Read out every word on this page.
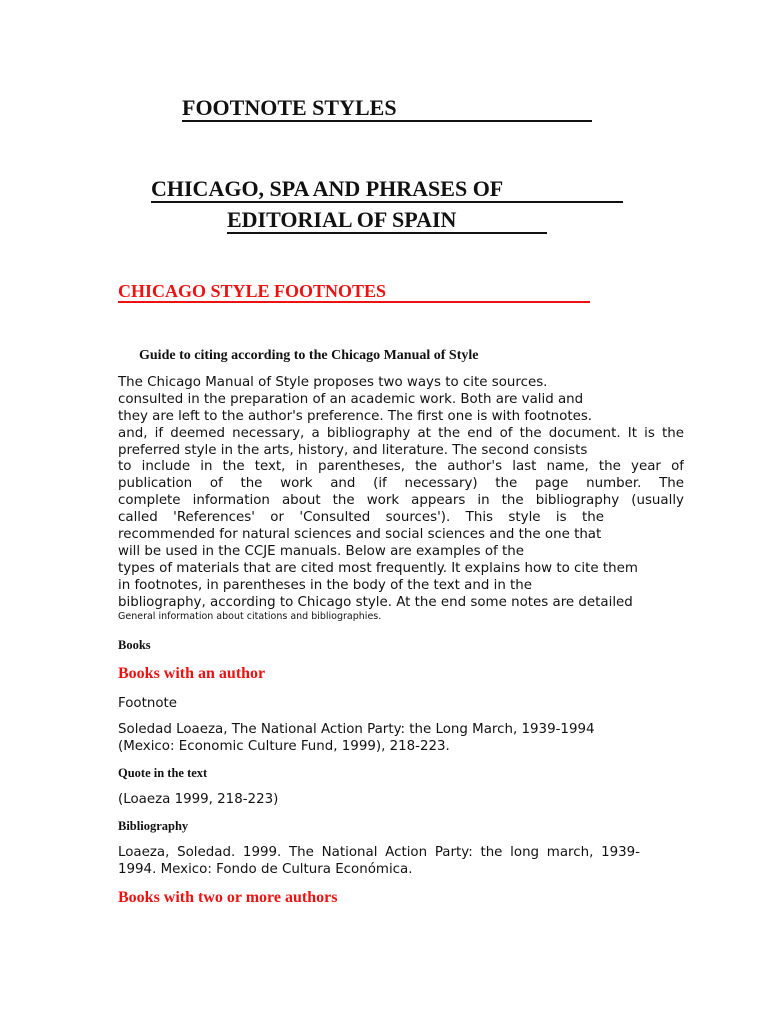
FOOTNOTE STYLES
CHICAGO, SPA AND PHRASES OF
EDITORIAL OF SPAIN
CHICAGO STYLE FOOTNOTES
Guide to citing according to the Chicago Manual of Style
The Chicago Manual of Style proposes two ways to cite sources.
consulted in the preparation of an academic work. Both are valid and
they are left to the author's preference. The first one is with footnotes.
and, if deemed necessary, a bibliography at the end of the document. It is the
preferred style in the arts, history, and literature. The second consists
to include in the text, in parentheses, the author's last name, the year of
publication of the work and (if necessary) the page number. The
complete information about the work appears in the bibliography (usually
called 'References' or 'Consulted sources'). This style is the
recommended for natural sciences and social sciences and the one that
will be used in the CCJE manuals. Below are examples of the
types of materials that are cited most frequently. It explains how to cite them
in footnotes, in parentheses in the body of the text and in the
bibliography, according to Chicago style. At the end some notes are detailed
General information about citations and bibliographies.
Books
Books with an author
Footnote
Soledad Loaeza, The National Action Party: the Long March, 1939-1994
(Mexico: Economic Culture Fund, 1999), 218-223.
Quote in the text
(Loaeza 1999, 218-223)
Bibliography
Loaeza, Soledad. 1999. The National Action Party: the long march, 1939-
1994. Mexico: Fondo de Cultura Económica.
Books with two or more authors
